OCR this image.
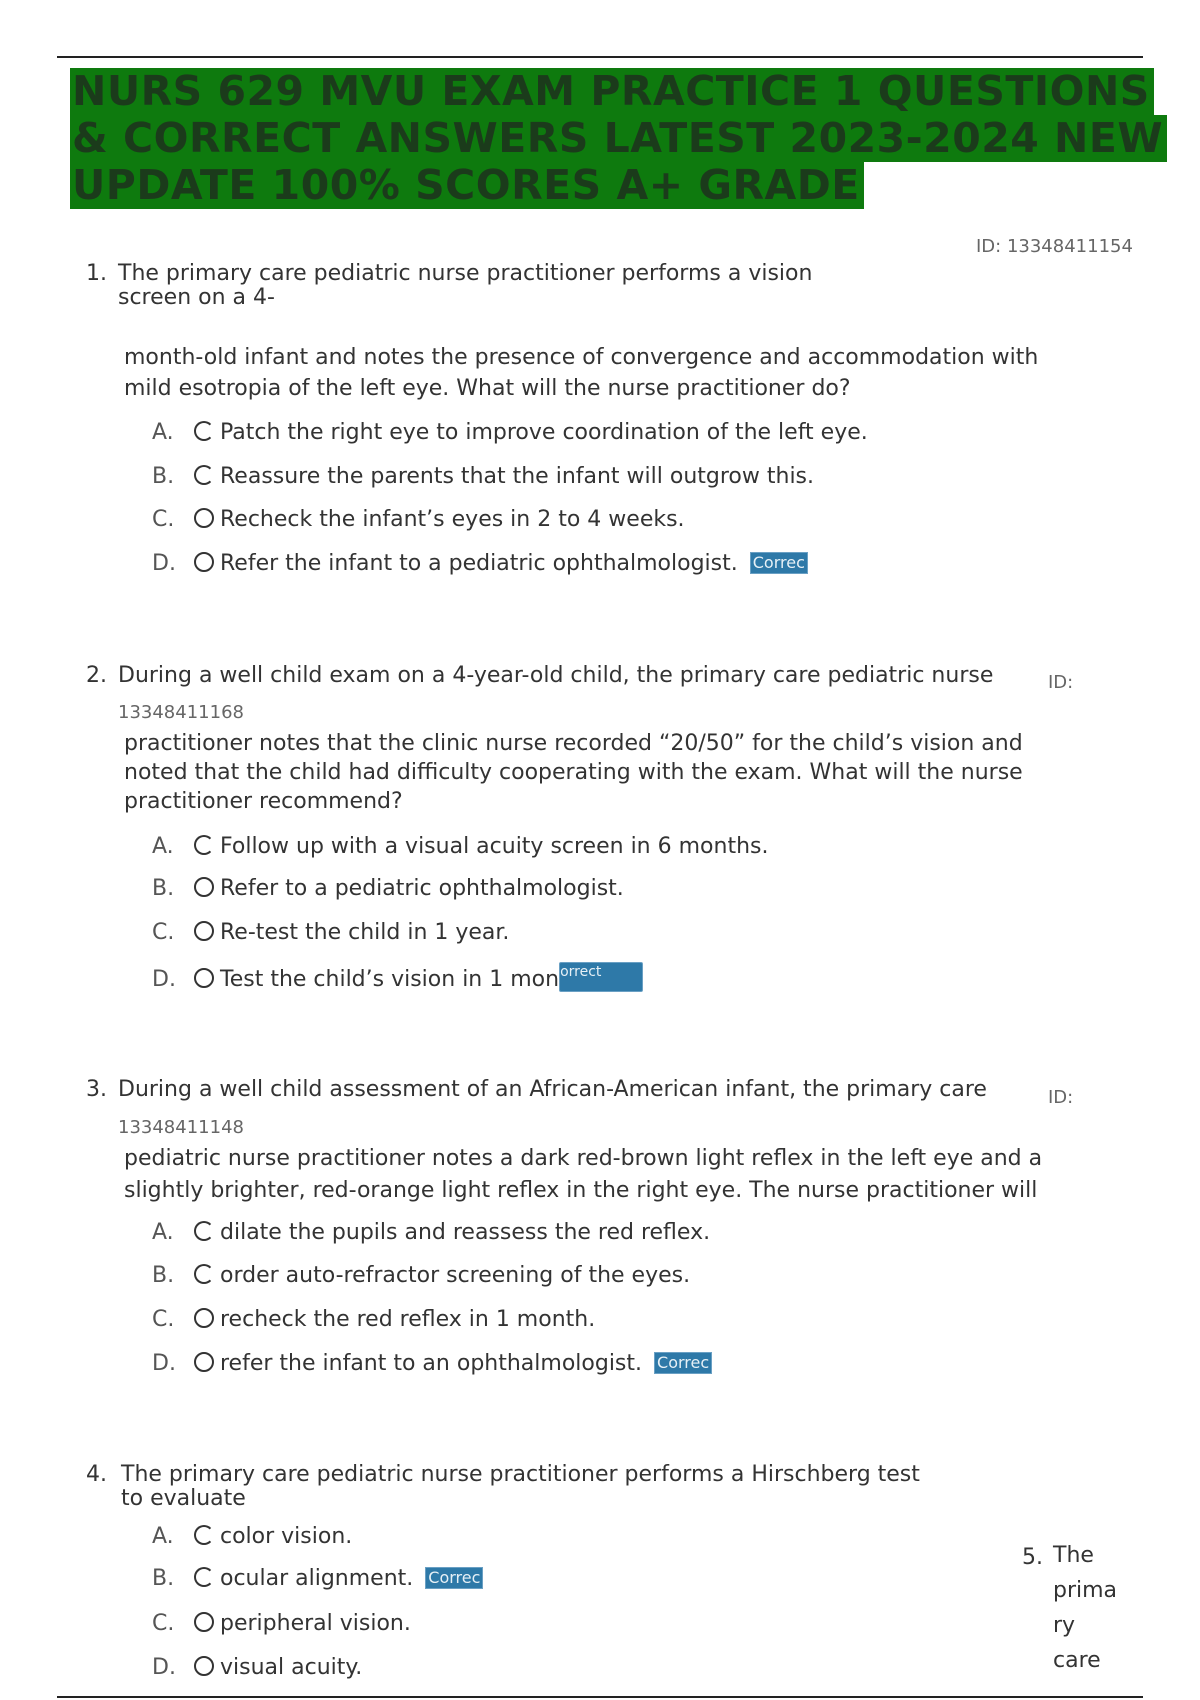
NURS 629 MVU EXAM PRACTICE 1 QUESTIONS
& CORRECT ANSWERS LATEST 2023-2024 NEW
UPDATE 100% SCORES A+ GRADE
ID: 13348411154
1. The primary care pediatric nurse practitioner performs a vision
screen on a 4-
month-old infant and notes the presence of convergence and accommodation with
mild esotropia of the left eye. What will the nurse practitioner do?
A. Patch the right eye to improve coordination of the left eye.
B. Reassure the parents that the infant will outgrow this.
C. Recheck the infant’s eyes in 2 to 4 weeks.
D. Refer the infant to a pediatric ophthalmologist. Correc
2. During a well child exam on a 4-year-old child, the primary care pediatric nurse	ID:
13348411168
practitioner notes that the clinic nurse recorded “20/50” for the child’s vision and
noted that the child had difficulty cooperating with the exam. What will the nurse
practitioner recommend?
A. Follow up with a visual acuity screen in 6 months.
B. Refer to a pediatric ophthalmologist.
C. Re-test the child in 1 year.
D. Test the child’s vision in 1 monorrect
3. During a well child assessment of an African-American infant, the primary care	ID:
13348411148
pediatric nurse practitioner notes a dark red-brown light reflex in the left eye and a
slightly brighter, red-orange light reflex in the right eye. The nurse practitioner will
A. dilate the pupils and reassess the red reflex.
B. order auto-refractor screening of the eyes.
C. recheck the red reflex in 1 month.
D. refer the infant to an ophthalmologist. Correc
4. The primary care pediatric nurse practitioner performs a Hirschberg test
to evaluate
A. color vision.
B. ocular alignment. Correc
C. peripheral vision.
D. visual acuity.
5. The
prima
ry
care
